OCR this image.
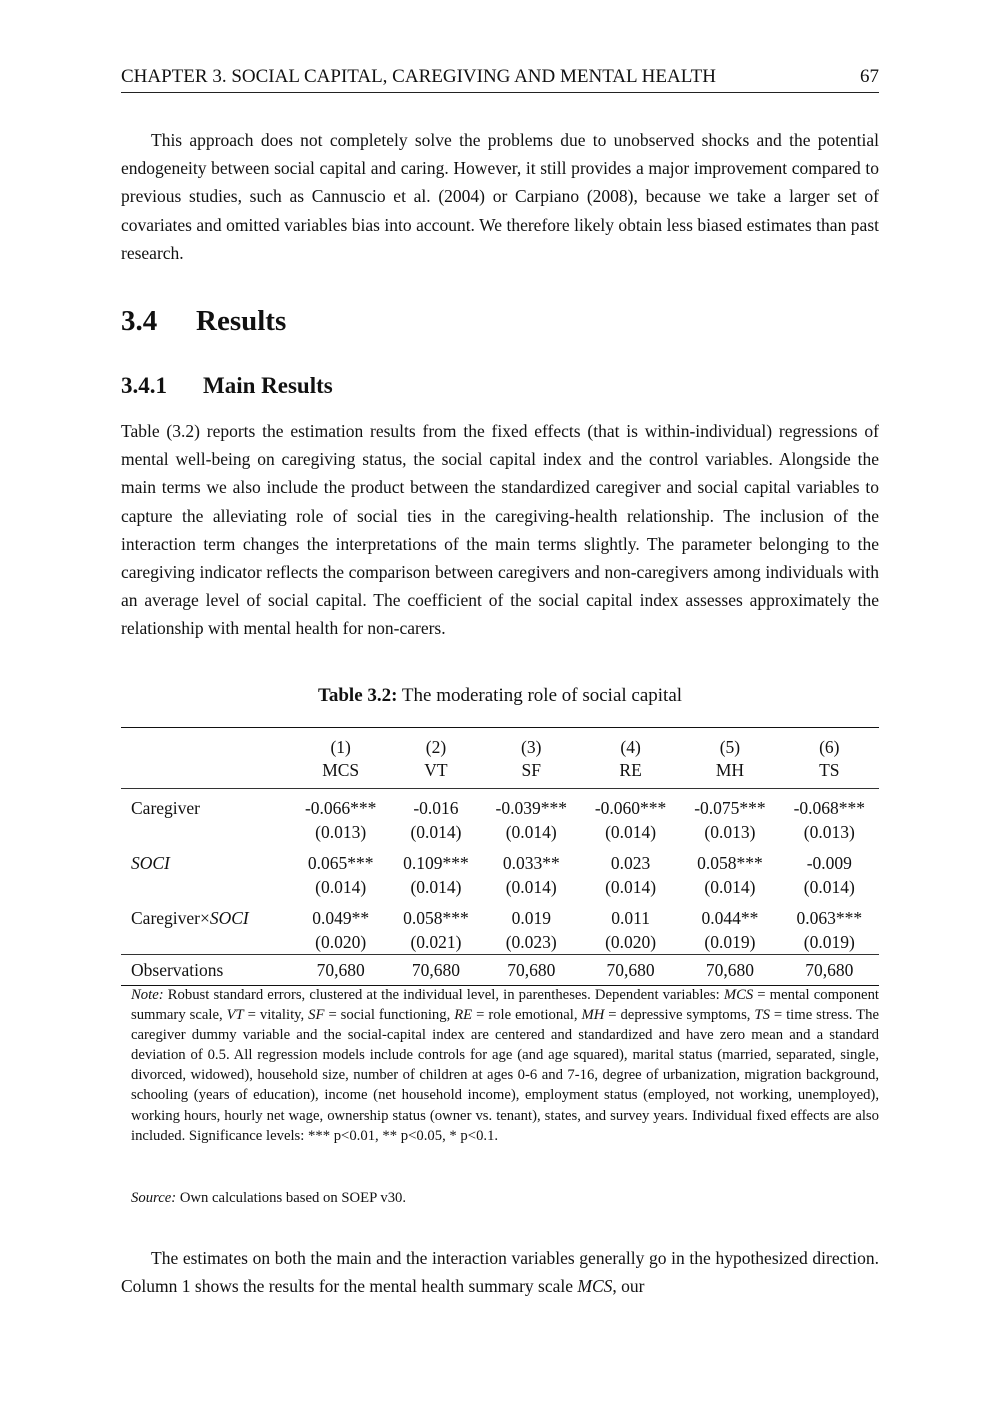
CHAPTER 3. SOCIAL CAPITAL, CAREGIVING AND MENTAL HEALTH	67

This approach does not completely solve the problems due to unobserved shocks and the potential endogeneity between social capital and caring. However, it still provides a major improvement compared to previous studies, such as Cannuscio et al. (2004) or Carpiano (2008), because we take a larger set of covariates and omitted variables bias into account. We therefore likely obtain less biased estimates than past research.

3.4 Results
3.4.1 Main Results

Table (3.2) reports the estimation results from the fixed effects (that is within-individual) regressions of mental well-being on caregiving status, the social capital index and the control variables. Alongside the main terms we also include the product between the standardized caregiver and social capital variables to capture the alleviating role of social ties in the caregiving-health relationship. The inclusion of the interaction term changes the interpretations of the main terms slightly. The parameter belonging to the caregiving indicator reflects the comparison between caregivers and non-caregivers among individuals with an average level of social capital. The coefficient of the social capital index assesses approximately the relationship with mental health for non-carers.

Table 3.2: The moderating role of social capital
	(1)	(2)	(3)	(4)	(5)	(6)
	MCS	VT	SF	RE	MH	TS
Caregiver	-0.066***	-0.016	-0.039***	-0.060***	-0.075***	-0.068***
	(0.013)	(0.014)	(0.014)	(0.014)	(0.013)	(0.013)

SOCI	0.065***	0.109***	0.033**	0.023	0.058***	-0.009
	(0.014)	(0.014)	(0.014)	(0.014)	(0.014)	(0.014)

Caregiver×SOCI	0.049**	0.058***	0.019	0.011	0.044**	0.063***
	(0.020)	(0.021)	(0.023)	(0.020)	(0.019)	(0.019)
Observations	70,680	70,680	70,680	70,680	70,680	70,680

Note: Robust standard errors, clustered at the individual level, in parentheses. Dependent variables: MCS = mental component summary scale, VT = vitality, SF = social functioning, RE = role emotional, MH = depressive symptoms, TS = time stress. The caregiver dummy variable and the social-capital index are centered and standardized and have zero mean and a standard deviation of 0.5. All regression models include controls for age (and age squared), marital status (married, separated, single, divorced, widowed), household size, number of children at ages 0-6 and 7-16, degree of urbanization, migration background, schooling (years of education), income (net household income), employment status (employed, not working, unemployed), working hours, hourly net wage, ownership status (owner vs. tenant), states, and survey years. Individual fixed effects are also included. Significance levels: *** p<0.01, ** p<0.05, * p<0.1.

Source: Own calculations based on SOEP v30.

The estimates on both the main and the interaction variables generally go in the hypothesized direction. Column 1 shows the results for the mental health summary scale MCS, our
